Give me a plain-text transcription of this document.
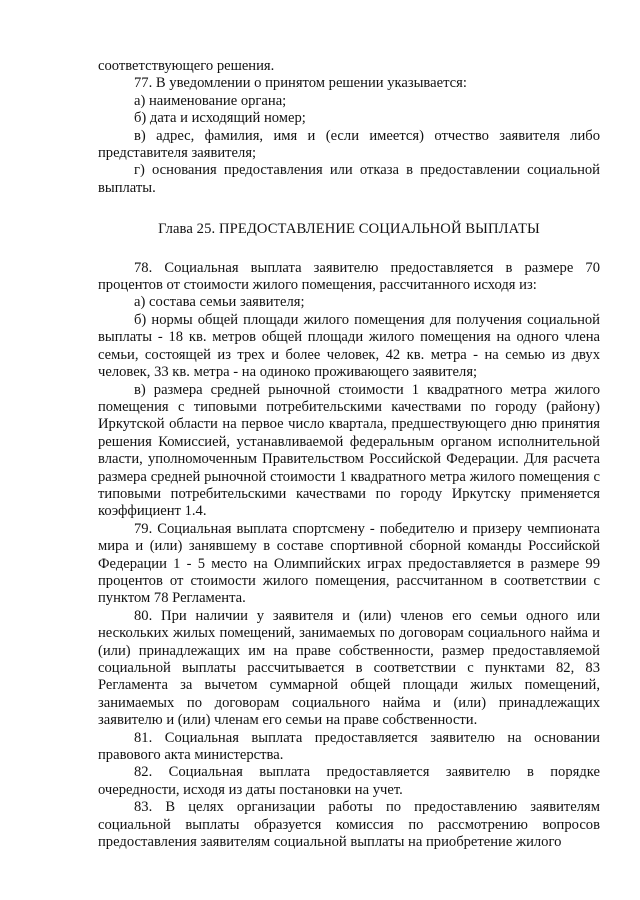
соответствующего решения.

77. В уведомлении о принятом решении указывается:

а) наименование органа;

б) дата и исходящий номер;

в) адрес, фамилия, имя и (если имеется) отчество заявителя либо представителя заявителя;

г) основания предоставления или отказа в предоставлении социальной выплаты.

Глава 25. ПРЕДОСТАВЛЕНИЕ СОЦИАЛЬНОЙ ВЫПЛАТЫ

78. Социальная выплата заявителю предоставляется в размере 70 процентов от стоимости жилого помещения, рассчитанного исходя из:

а) состава семьи заявителя;

б) нормы общей площади жилого помещения для получения социальной выплаты - 18 кв. метров общей площади жилого помещения на одного члена семьи, состоящей из трех и более человек, 42 кв. метра - на семью из двух человек, 33 кв. метра - на одиноко проживающего заявителя;

в) размера средней рыночной стоимости 1 квадратного метра жилого помещения с типовыми потребительскими качествами по городу (району) Иркутской области на первое число квартала, предшествующего дню принятия решения Комиссией, устанавливаемой федеральным органом исполнительной власти, уполномоченным Правительством Российской Федерации. Для расчета размера средней рыночной стоимости 1 квадратного метра жилого помещения с типовыми потребительскими качествами по городу Иркутску применяется коэффициент 1.4.

79. Социальная выплата спортсмену - победителю и призеру чемпионата мира и (или) занявшему в составе спортивной сборной команды Российской Федерации 1 - 5 место на Олимпийских играх предоставляется в размере 99 процентов от стоимости жилого помещения, рассчитанном в соответствии с пунктом 78 Регламента.

80. При наличии у заявителя и (или) членов его семьи одного или нескольких жилых помещений, занимаемых по договорам социального найма и (или) принадлежащих им на праве собственности, размер предоставляемой социальной выплаты рассчитывается в соответствии с пунктами 82, 83 Регламента за вычетом суммарной общей площади жилых помещений, занимаемых по договорам социального найма и (или) принадлежащих заявителю и (или) членам его семьи на праве собственности.

81. Социальная выплата предоставляется заявителю на основании правового акта министерства.

82. Социальная выплата предоставляется заявителю в порядке очередности, исходя из даты постановки на учет.

83. В целях организации работы по предоставлению заявителям социальной выплаты образуется комиссия по рассмотрению вопросов предоставления заявителям социальной выплаты на приобретение жилого
